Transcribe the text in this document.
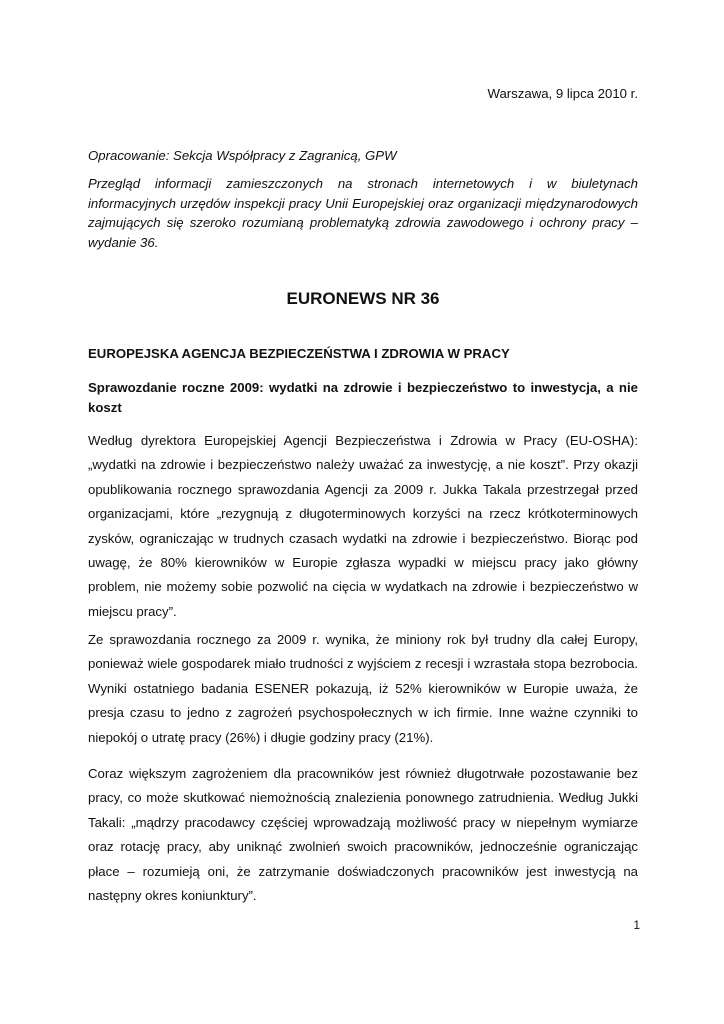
Warszawa, 9 lipca 2010 r.
Opracowanie: Sekcja Współpracy z Zagranicą, GPW
Przegląd informacji zamieszczonych na stronach internetowych i w biuletynach informacyjnych urzędów inspekcji pracy Unii Europejskiej oraz organizacji międzynarodowych zajmujących się szeroko rozumianą problematyką zdrowia zawodowego i ochrony pracy – wydanie 36.
EURONEWS NR 36
EUROPEJSKA AGENCJA BEZPIECZEŃSTWA I ZDROWIA W PRACY
Sprawozdanie roczne 2009: wydatki na zdrowie i bezpieczeństwo to inwestycja, a nie koszt

Według dyrektora Europejskiej Agencji Bezpieczeństwa i Zdrowia w Pracy (EU-OSHA): „wydatki na zdrowie i bezpieczeństwo należy uważać za inwestycję, a nie koszt”. Przy okazji opublikowania rocznego sprawozdania Agencji za 2009 r. Jukka Takala przestrzegał przed organizacjami, które „rezygnują z długoterminowych korzyści na rzecz krótkoterminowych zysków, ograniczając w trudnych czasach wydatki na zdrowie i bezpieczeństwo. Biorąc pod uwagę, że 80% kierowników w Europie zgłasza wypadki w miejscu pracy jako główny problem, nie możemy sobie pozwolić na cięcia w wydatkach na zdrowie i bezpieczeństwo w miejscu pracy”.

Ze sprawozdania rocznego za 2009 r. wynika, że miniony rok był trudny dla całej Europy, ponieważ wiele gospodarek miało trudności z wyjściem z recesji i wzrastała stopa bezrobocia. Wyniki ostatniego badania ESENER pokazują, iż 52% kierowników w Europie uważa, że presja czasu to jedno z zagrożeń psychospołecznych w ich firmie. Inne ważne czynniki to niepokój o utratę pracy (26%) i długie godziny pracy (21%).

Coraz większym zagrożeniem dla pracowników jest również długotrwałe pozostawanie bez pracy, co może skutkować niemożnością znalezienia ponownego zatrudnienia. Według Jukki Takali: „mądrzy pracodawcy częściej wprowadzają możliwość pracy w niepełnym wymiarze oraz rotację pracy, aby uniknąć zwolnień swoich pracowników, jednocześnie ograniczając płace – rozumieją oni, że zatrzymanie doświadczonych pracowników jest inwestycją na następny okres koniunktury”.

1
